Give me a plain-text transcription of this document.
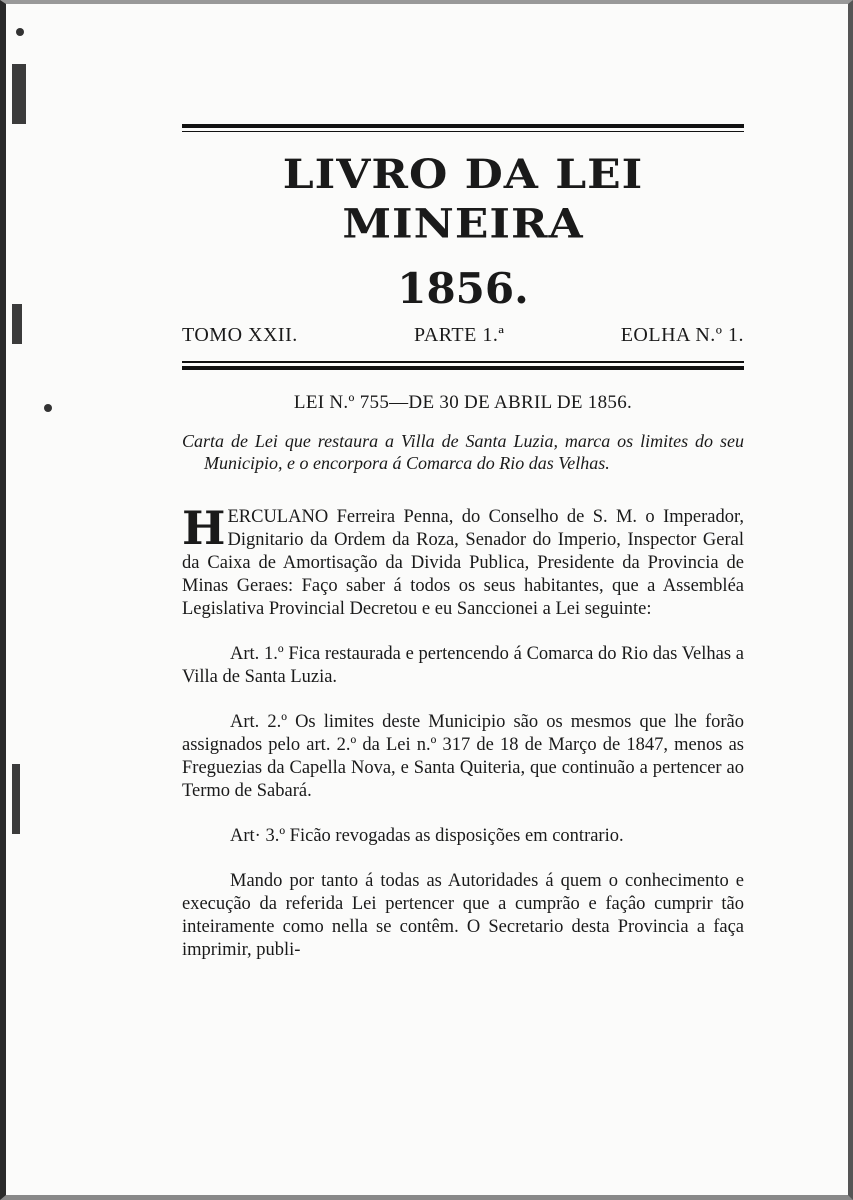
LIVRO DA LEI MINEIRA
1856.
TOMO XXII.	PARTE 1.ª	EOLHA N.º 1.
LEI N.º 755—DE 30 DE ABRIL DE 1856.
Carta de Lei que restaura a Villa de Santa Luzia, marca os limites do seu Municipio, e o encorpora á Comarca do Rio das Velhas.
HERCULANO Ferreira Penna, do Conselho de S. M. o Imperador, Dignitario da Ordem da Roza, Senador do Imperio, Inspector Geral da Caixa de Amortisação da Divida Publica, Presidente da Provincia de Minas Geraes: Faço saber á todos os seus habitantes, que a Assembléa Legislativa Provincial Decretou e eu Sanccionei a Lei seguinte:
Art. 1.º Fica restaurada e pertencendo á Comarca do Rio das Velhas a Villa de Santa Luzia.
Art. 2.º Os limites deste Municipio são os mesmos que lhe forão assignados pelo art. 2.º da Lei n.º 317 de 18 de Março de 1847, menos as Freguezias da Capella Nova, e Santa Quiteria, que continuão a pertencer ao Termo de Sabará.
Art· 3.º Ficão revogadas as disposições em contrario.
Mando por tanto á todas as Autoridades á quem o conhecimento e execução da referida Lei pertencer que a cumprão e façâo cumprir tão inteiramente como nella se contêm. O Secretario desta Provincia a faça imprimir, publi-
